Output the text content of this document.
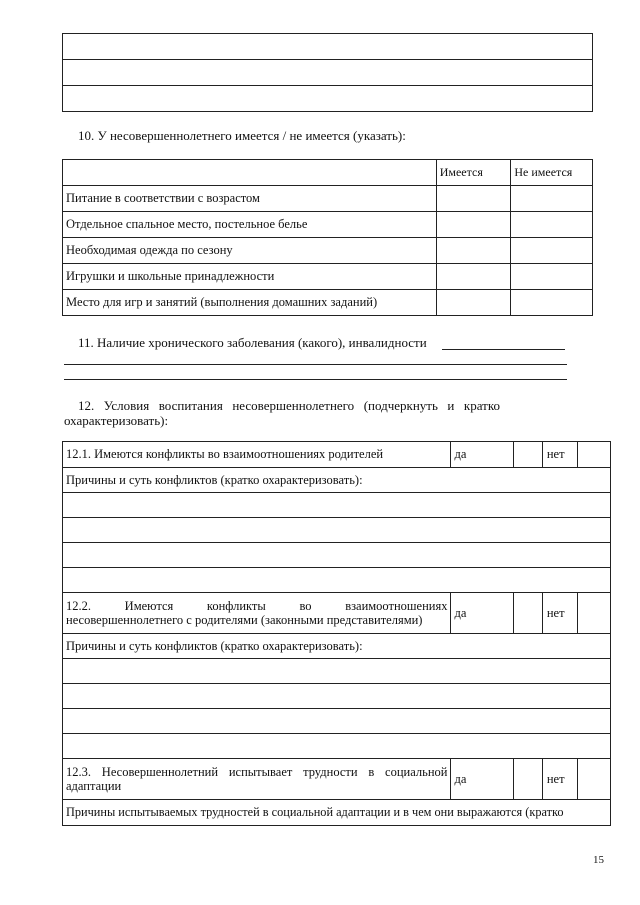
10. У несовершеннолетнего имеется / не имеется (указать):
	Имеется	Не имеется
Питание в соответствии с возрастом		
Отдельное спальное место, постельное белье		
Необходимая одежда по сезону		
Игрушки и школьные принадлежности		
Место для игр и занятий (выполнения домашних заданий)		
11. Наличие хронического заболевания (какого), инвалидности
12. Условия воспитания несовершеннолетнего (подчеркнуть и кратко
охарактеризовать):
12.1. Имеются конфликты во взаимоотношениях родителей	да		нет	
Причины и суть конфликтов (кратко охарактеризовать):				

12.2. Имеются конфликты во взаимоотношениях
несовершеннолетнего с родителями (законными представителями)	да		нет	
Причины и суть конфликтов (кратко охарактеризовать):				

12.3. Несовершеннолетний испытывает трудности в социальной
адаптации	да		нет	
Причины испытываемых трудностей в социальной адаптации и в чем они выражаются (кратко				
15
